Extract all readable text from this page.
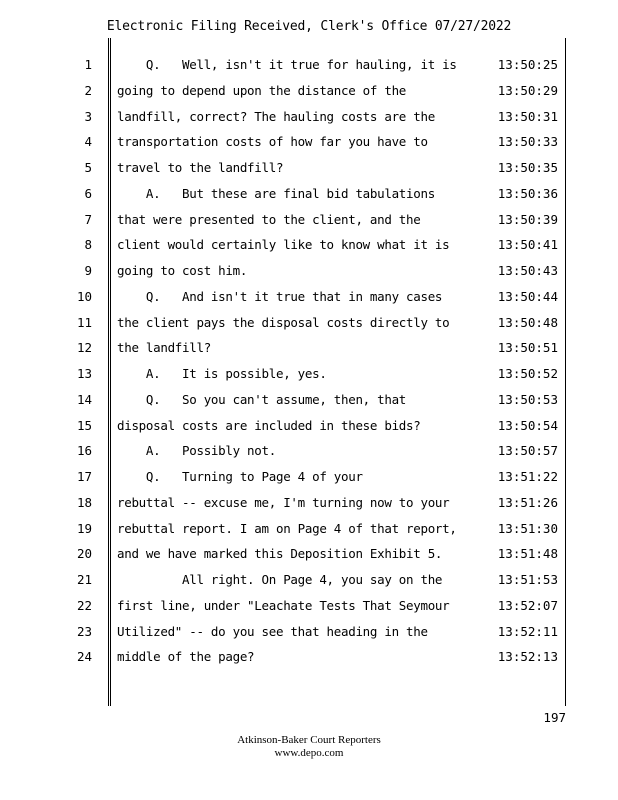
Electronic Filing Received, Clerk's Office 07/27/2022
1 Q.   Well, isn't it true for hauling, it is	13:50:25
2 going to depend upon the distance of the	13:50:29
3 landfill, correct? The hauling costs are the	13:50:31
4 transportation costs of how far you have to	13:50:33
5 travel to the landfill?	13:50:35
6 A.   But these are final bid tabulations	13:50:36
7 that were presented to the client, and the	13:50:39
8 client would certainly like to know what it is	13:50:41
9 going to cost him.	13:50:43
10 Q.   And isn't it true that in many cases	13:50:44
11 the client pays the disposal costs directly to	13:50:48
12 the landfill?	13:50:51
13 A.   It is possible, yes.	13:50:52
14 Q.   So you can't assume, then, that	13:50:53
15 disposal costs are included in these bids?	13:50:54
16 A.   Possibly not.	13:50:57
17 Q.   Turning to Page 4 of your	13:51:22
18 rebuttal -- excuse me, I'm turning now to your	13:51:26
19 rebuttal report. I am on Page 4 of that report,	13:51:30
20 and we have marked this Deposition Exhibit 5.	13:51:48
21 All right. On Page 4, you say on the	13:51:53
22 first line, under "Leachate Tests That Seymour	13:52:07
23 Utilized" -- do you see that heading in the	13:52:11
24 middle of the page?	13:52:13
197
Atkinson-Baker Court Reporters
www.depo.com
